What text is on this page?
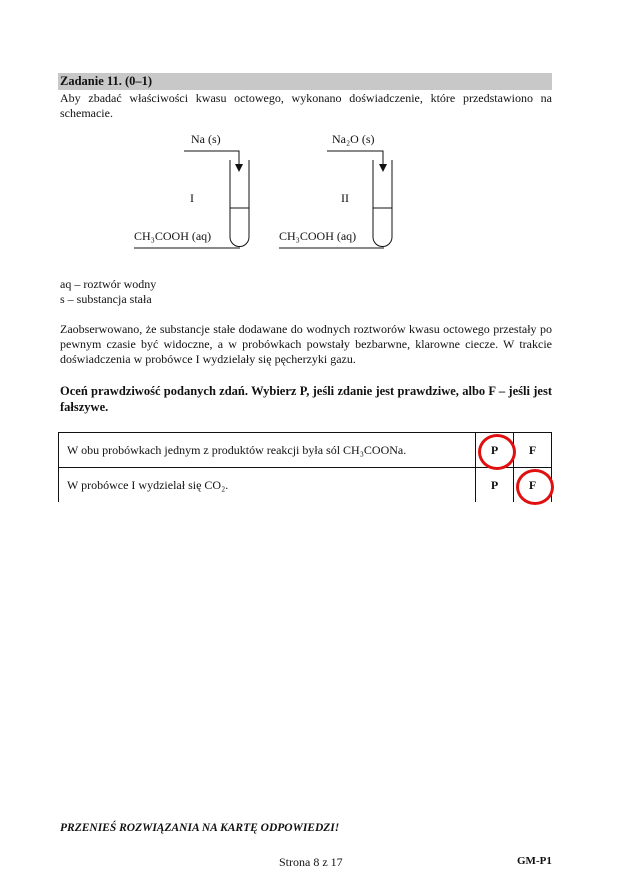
Zadanie 11. (0–1)
Aby zbadać właściwości kwasu octowego, wykonano doświadczenie, które przedstawiono na schemacie.
Na (s)
I
CH₃COOH (aq)
Na₂O (s)
II
CH₃COOH (aq)
aq – roztwór wodny
s – substancja stała
Zaobserwowano, że substancje stałe dodawane do wodnych roztworów kwasu octowego przestały po pewnym czasie być widoczne, a w probówkach powstały bezbarwne, klarowne ciecze. W trakcie doświadczenia w probówce I wydzielały się pęcherzyki gazu.
Oceń prawdziwość podanych zdań. Wybierz P, jeśli zdanie jest prawdziwe, albo F – jeśli jest fałszywe.
W obu probówkach jednym z produktów reakcji była sól CH₃COONa.	P	F
W probówce I wydzielał się CO₂.	P	F
PRZENIEŚ ROZWIĄZANIA NA KARTĘ ODPOWIEDZI!
Strona 8 z 17	GM-P1
